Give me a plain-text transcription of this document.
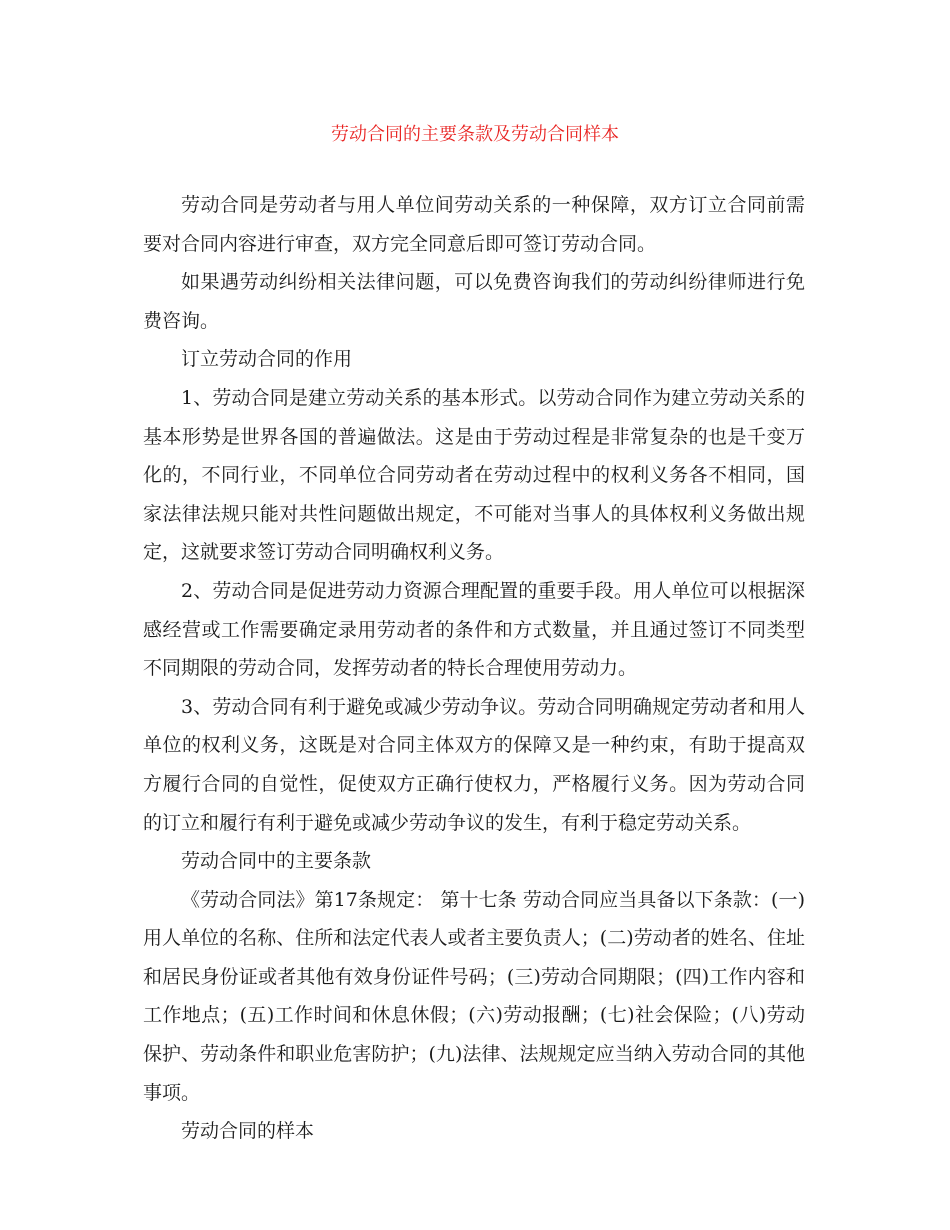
劳动合同的主要条款及劳动合同样本

劳动合同是劳动者与用人单位间劳动关系的一种保障，双方订立合同前需要对合同内容进行审查，双方完全同意后即可签订劳动合同。

如果遇劳动纠纷相关法律问题，可以免费咨询我们的劳动纠纷律师进行免费咨询。

订立劳动合同的作用

1、劳动合同是建立劳动关系的基本形式。以劳动合同作为建立劳动关系的基本形势是世界各国的普遍做法。这是由于劳动过程是非常复杂的也是千变万化的，不同行业，不同单位合同劳动者在劳动过程中的权利义务各不相同，国家法律法规只能对共性问题做出规定，不可能对当事人的具体权利义务做出规定，这就要求签订劳动合同明确权利义务。

2、劳动合同是促进劳动力资源合理配置的重要手段。用人单位可以根据深感经营或工作需要确定录用劳动者的条件和方式数量，并且通过签订不同类型不同期限的劳动合同，发挥劳动者的特长合理使用劳动力。

3、劳动合同有利于避免或减少劳动争议。劳动合同明确规定劳动者和用人单位的权利义务，这既是对合同主体双方的保障又是一种约束，有助于提高双方履行合同的自觉性，促使双方正确行使权力，严格履行义务。因为劳动合同的订立和履行有利于避免或减少劳动争议的发生，有利于稳定劳动关系。

劳动合同中的主要条款

《劳动合同法》第17条规定： 第十七条 劳动合同应当具备以下条款：(一)用人单位的名称、住所和法定代表人或者主要负责人；(二)劳动者的姓名、住址和居民身份证或者其他有效身份证件号码；(三)劳动合同期限；(四)工作内容和工作地点；(五)工作时间和休息休假；(六)劳动报酬；(七)社会保险；(八)劳动保护、劳动条件和职业危害防护；(九)法律、法规规定应当纳入劳动合同的其他事项。

劳动合同的样本
